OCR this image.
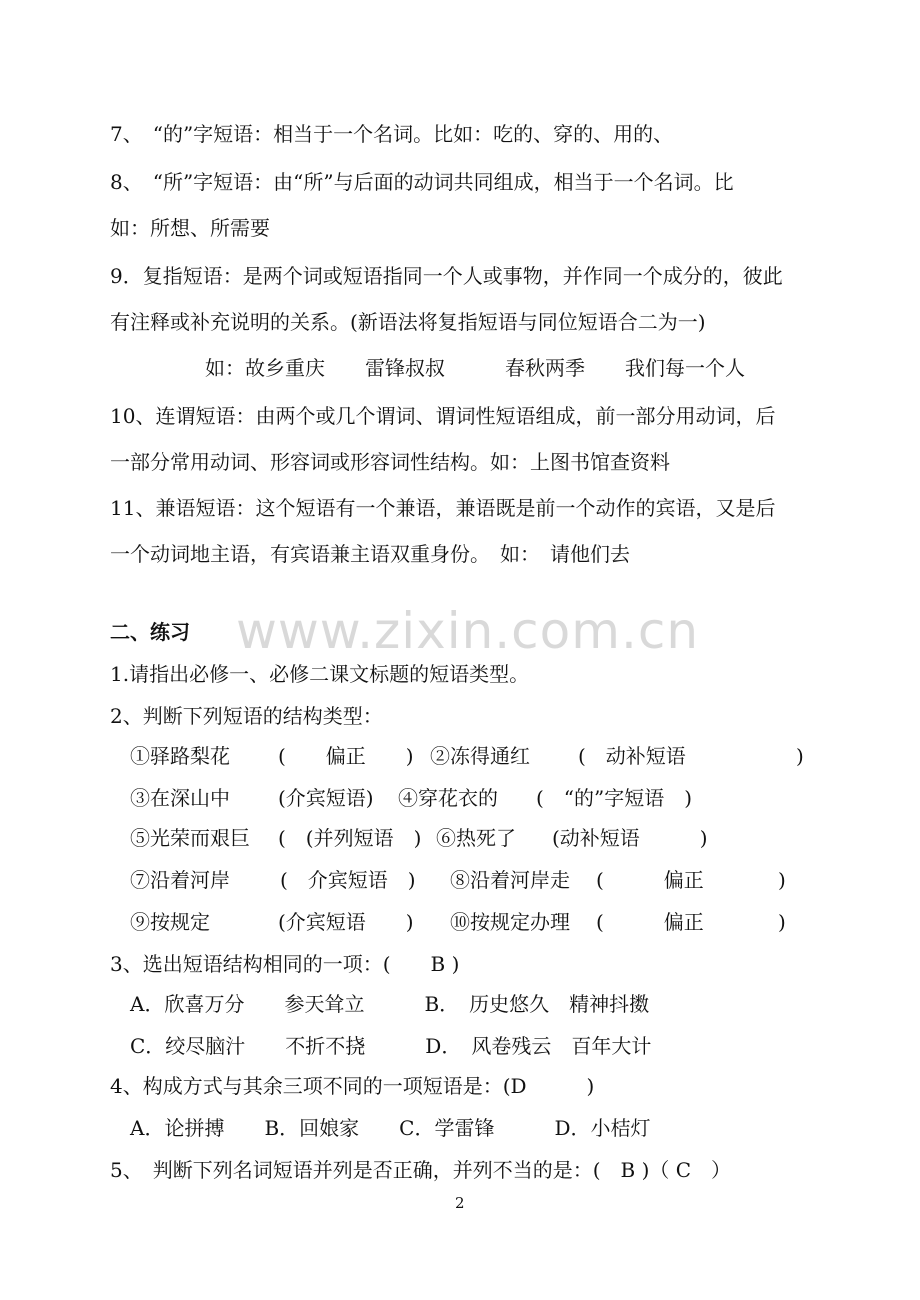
www.zixin.com.cn
7、　“的”字短语：相当于一个名词。比如：吃的、穿的、用的、
8、　“所”字短语：由“所”与后面的动词共同组成，相当于一个名词。比
如：所想、所需要
9．复指短语：是两个词或短语指同一个人或事物，并作同一个成分的，彼此
有注释或补充说明的关系。(新语法将复指短语与同位短语合二为一)
如：故乡重庆　　雷锋叔叔　　　春秋两季　　我们每一个人
10、连谓短语：由两个或几个谓词、谓词性短语组成，前一部分用动词，后
一部分常用动词、形容词或形容词性结构。如：上图书馆查资料
11、兼语短语：这个短语有一个兼语，兼语既是前一个动作的宾语，又是后
一个动词地主语，有宾语兼主语双重身份。　如：　请他们去
二、练习
1.请指出必修一、必修二课文标题的短语类型。
2、判断下列短语的结构类型：
①驿路梨花 (　　偏正　　) ②冻得通红 (　动补短语	)
③在深山中 (介宾短语) ④穿花衣的 (　“的”字短语　)
⑤光荣而艰巨 (　(并列短语　) ⑥热死了 (动补短语　　　)
⑦沿着河岸	(　介宾短语　) ⑧沿着河岸走 (　　　偏正	)
⑨按规定	(介宾短语　　) ⑩按规定办理 (　　　偏正	)
3、选出短语结构相同的一项：(　　B )
A．欣喜万分　　参天耸立　　　B．　历史悠久　精神抖擞
C．绞尽脑汁　　不折不挠　　　D．　风卷残云　百年大计
4、构成方式与其余三项不同的一项短语是：(D　　　)
A．论拼搏　　B．回娘家　　C．学雷锋　　　D．小桔灯
5、　判断下列名词短语并列是否正确，并列不当的是：(　B )（ C　）
2
